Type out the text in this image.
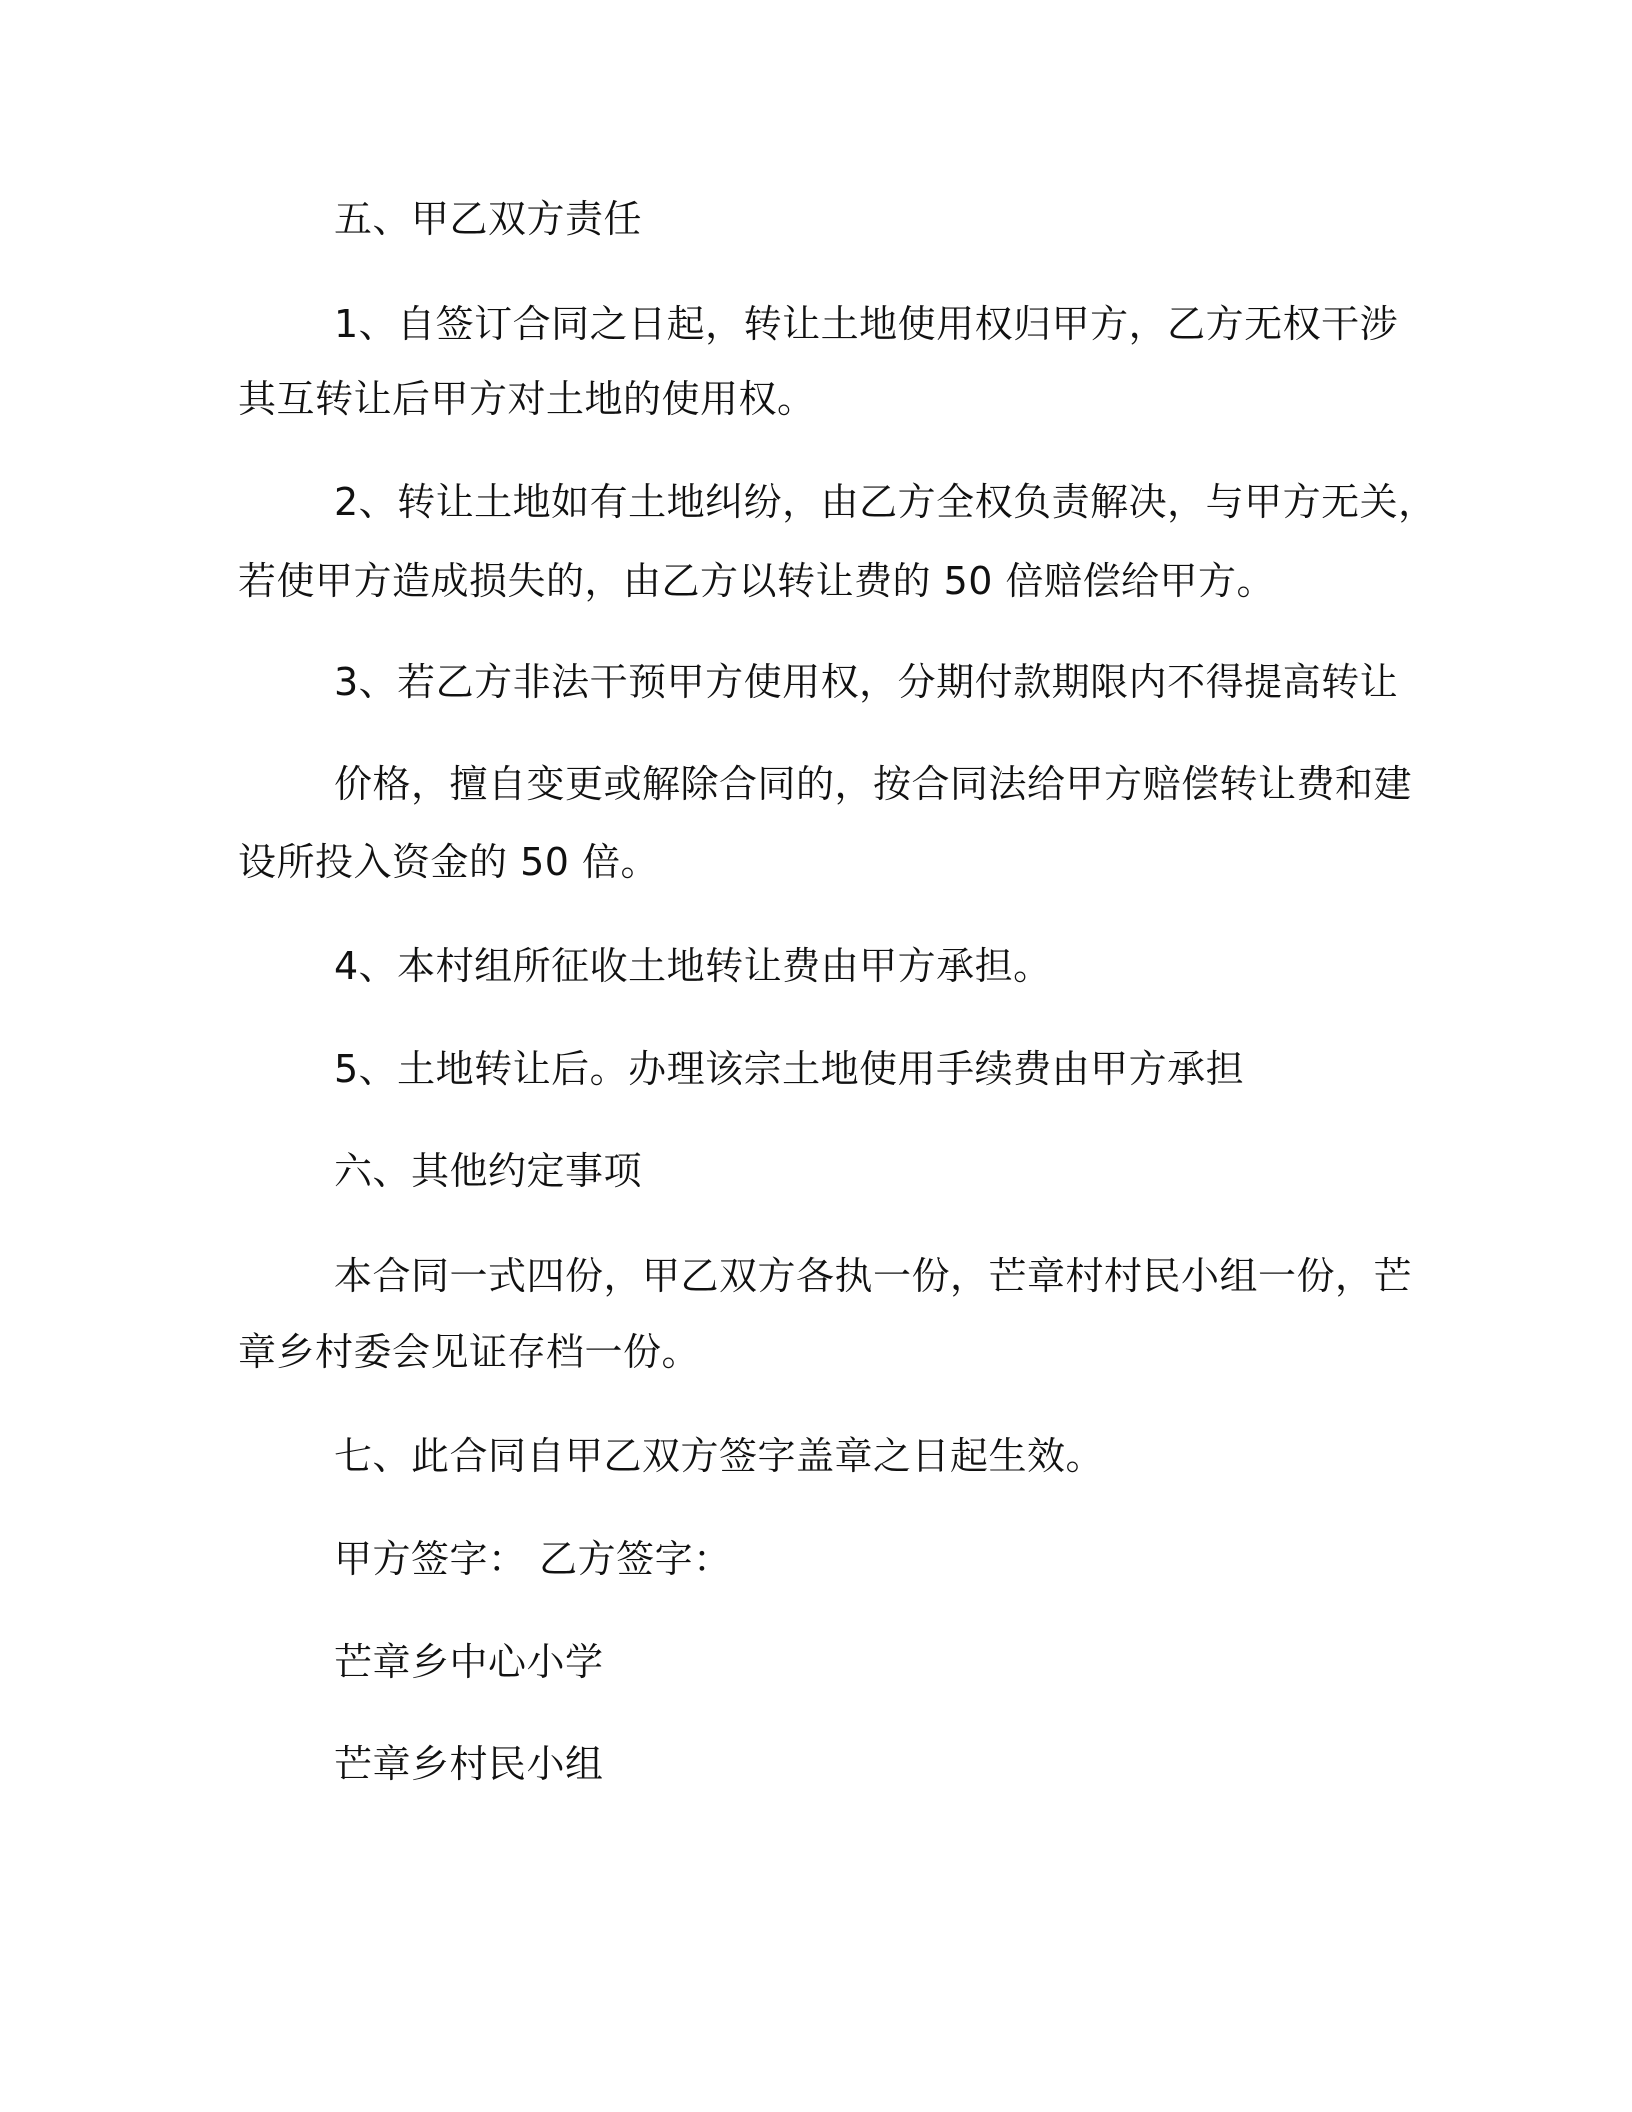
五、甲乙双方责任
1、自签订合同之日起，转让土地使用权归甲方，乙方无权干涉
其互转让后甲方对土地的使用权。
2、转让土地如有土地纠纷，由乙方全权负责解决，与甲方无关，
若使甲方造成损失的，由乙方以转让费的 50 倍赔偿给甲方。
3、若乙方非法干预甲方使用权，分期付款期限内不得提高转让
价格，擅自变更或解除合同的，按合同法给甲方赔偿转让费和建
设所投入资金的 50 倍。
4、本村组所征收土地转让费由甲方承担。
5、土地转让后。办理该宗土地使用手续费由甲方承担
六、其他约定事项
本合同一式四份，甲乙双方各执一份，芒章村村民小组一份，芒
章乡村委会见证存档一份。
七、此合同自甲乙双方签字盖章之日起生效。
甲方签字： 乙方签字：
芒章乡中心小学
芒章乡村民小组
